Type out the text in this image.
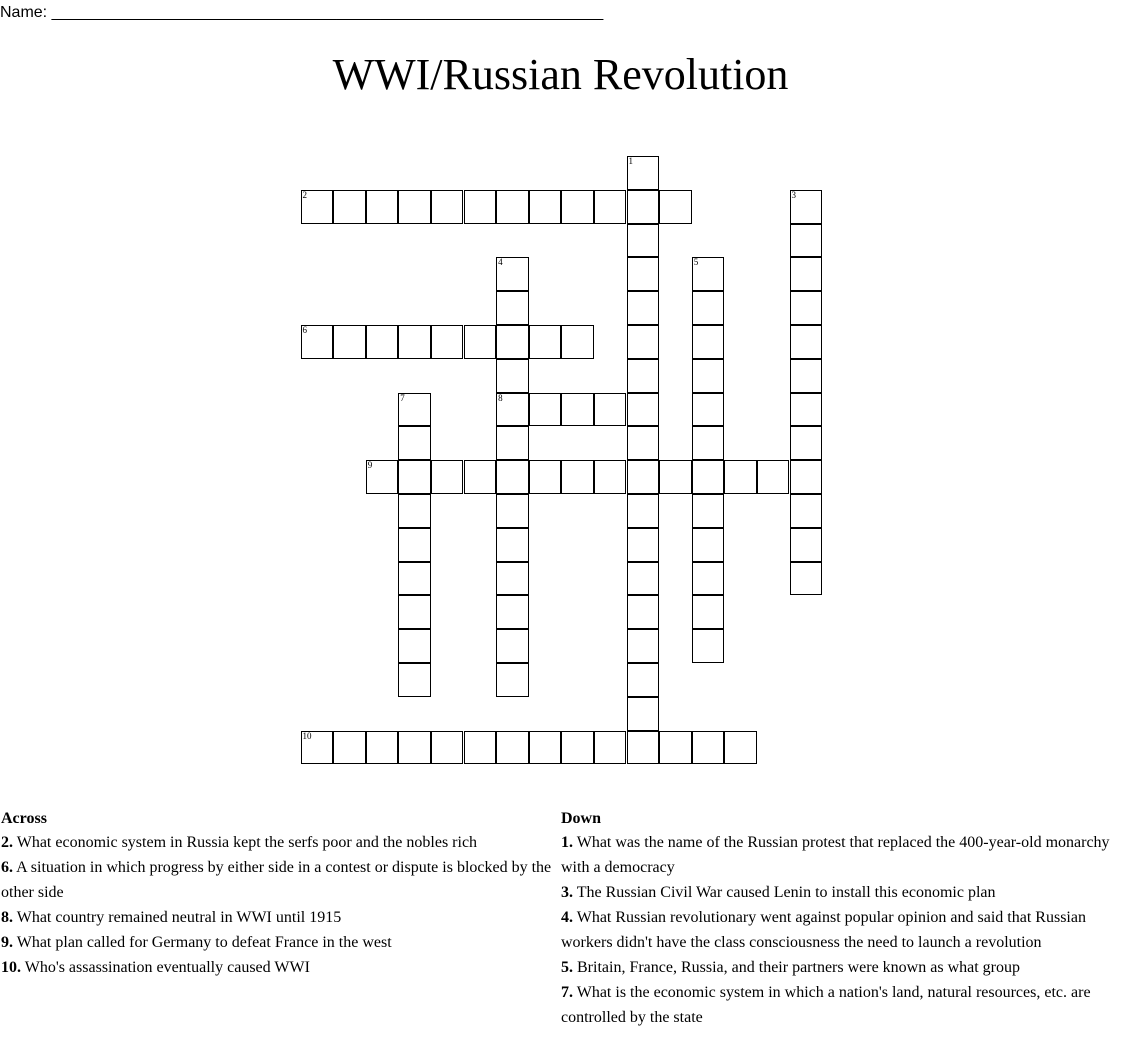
Name: ______________________________________________________________
WWI/Russian Revolution
1
2	3
4
8
5
6
7
9
10
Across

2. What economic system in Russia kept the serfs poor and the nobles rich

6. A situation in which progress by either side in a contest or dispute is blocked by the other side

8. What country remained neutral in WWI until 1915

9. What plan called for Germany to defeat France in the west

10. Who's assassination eventually caused WWI

Down

1. What was the name of the Russian protest that replaced the 400-year-old monarchy with a democracy

3. The Russian Civil War caused Lenin to install this economic plan

4. What Russian revolutionary went against popular opinion and said that Russian workers didn't have the class consciousness the need to launch a revolution

5. Britain, France, Russia, and their partners were known as what group

7. What is the economic system in which a nation's land, natural resources, etc. are controlled by the state
